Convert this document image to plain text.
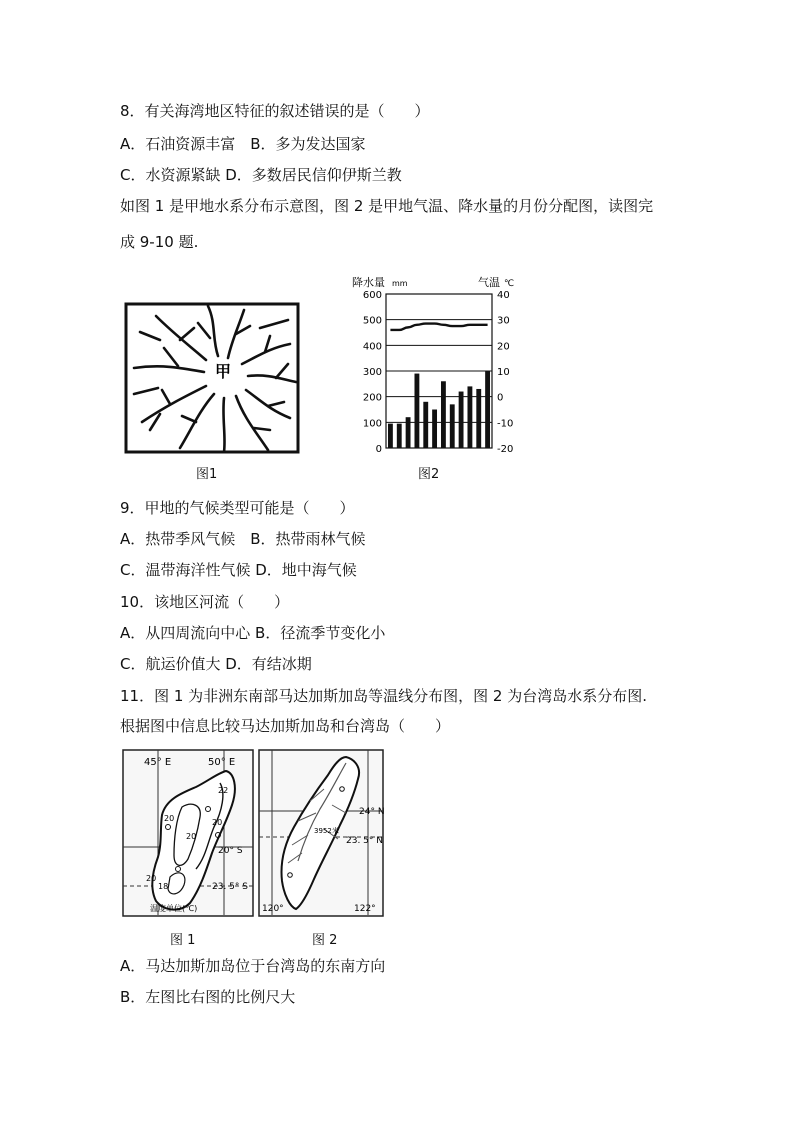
8．有关海湾地区特征的叙述错误的是（　　）
A．石油资源丰富　B．多为发达国家
C．水资源紧缺 D．多数居民信仰伊斯兰教
如图 1 是甲地水系分布示意图，图 2 是甲地气温、降水量的月份分配图，读图完
成 9-10 题.
甲
图1
降水量 mm	气温 ℃
600
500
400
300
200
100
0
40
30
20
10
0
-10
-20
图2
9．甲地的气候类型可能是（　　）
A．热带季风气候　B．热带雨林气候
C．温带海洋性气候 D．地中海气候
10．该地区河流（　　）
A．从四周流向中心 B．径流季节变化小
C．航运价值大 D．有结冰期
11．图 1 为非洲东南部马达加斯加岛等温线分布图，图 2 为台湾岛水系分布图.
根据图中信息比较马达加斯加岛和台湾岛（　　）
45° E	50° E
20° S
23. 5° S
22
20	20
20
20
18
温度单位(℃)
图 1
24° N
23. 5° N
3952米
120°	122°
图 2
A．马达加斯加岛位于台湾岛的东南方向
B．左图比右图的比例尺大
